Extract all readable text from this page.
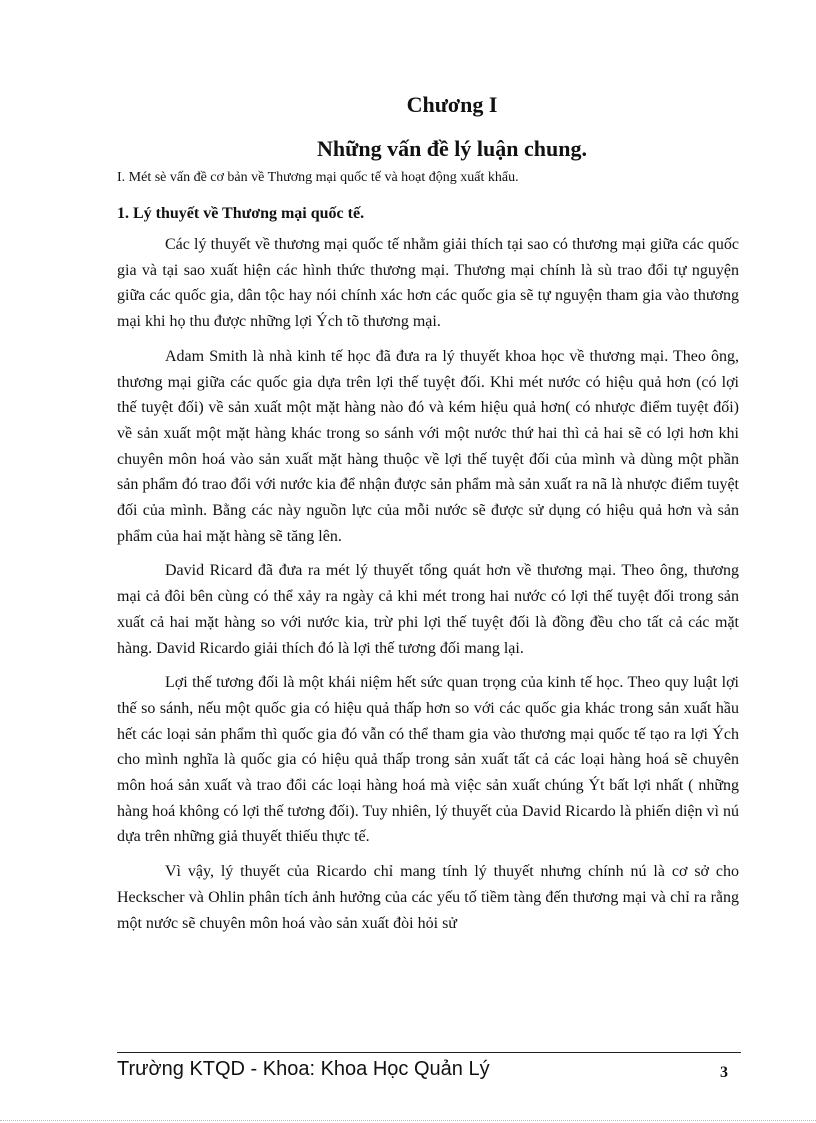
Chương I
Những vấn đề lý luận chung.
I. Mét sè vấn đề cơ bản về Thương mại quốc tế và hoạt động xuất khẩu.
1. Lý thuyết về Thương mại quốc tế.

Các lý thuyết về thương mại quốc tế nhằm giải thích tại sao có thương mại giữa các quốc gia và tại sao xuất hiện các hình thức thương mại. Thương mại chính là sù trao đổi tự nguyện giữa các quốc gia, dân tộc hay nói chính xác hơn các quốc gia sẽ tự nguyện tham gia vào thương mại khi họ thu được những lợi Ých tõ thương mại.

Adam Smith là nhà kinh tế học đã đưa ra lý thuyết khoa học về thương mại. Theo ông, thương mại giữa các quốc gia dựa trên lợi thế tuyệt đối. Khi mét nước có hiệu quả hơn (có lợi thế tuyệt đối) về sản xuất một mặt hàng nào đó và kém hiệu quả hơn( có nhược điểm tuyệt đối) về sản xuất một mặt hàng khác trong so sánh với một nước thứ hai thì cả hai sẽ có lợi hơn khi chuyên môn hoá vào sản xuất mặt hàng thuộc về lợi thế tuyệt đối của mình và dùng một phần sản phẩm đó trao đổi với nước kia để nhận được sản phẩm mà sản xuất ra nã là nhược điểm tuyệt đối của mình. Bằng các này nguồn lực của mỗi nước sẽ được sử dụng có hiệu quả hơn và sản phẩm của hai mặt hàng sẽ tăng lên.

David Ricard đã đưa ra mét lý thuyết tổng quát hơn về thương mại. Theo ông, thương mại cả đôi bên cùng có thể xảy ra ngày cả khi mét trong hai nước có lợi thế tuyệt đối trong sản xuất cả hai mặt hàng so với nước kia, trừ phi lợi thế tuyệt đối là đồng đều cho tất cả các mặt hàng. David Ricardo giải thích đó là lợi thế tương đối mang lại.

Lợi thế tương đối là một khái niệm hết sức quan trọng của kinh tế học. Theo quy luật lợi thế so sánh, nếu một quốc gia có hiệu quả thấp hơn so với các quốc gia khác trong sản xuất hầu hết các loại sản phẩm thì quốc gia đó vẫn có thể tham gia vào thương mại quốc tế tạo ra lợi Ých cho mình nghĩa là quốc gia có hiệu quả thấp trong sản xuất tất cả các loại hàng hoá sẽ chuyên môn hoá sản xuất và trao đổi các loại hàng hoá mà việc sản xuất chúng Ýt bất lợi nhất ( những hàng hoá không có lợi thế tương đối). Tuy nhiên, lý thuyết của David Ricardo là phiến diện vì nú dựa trên những giả thuyết thiếu thực tế.

Vì vậy, lý thuyết của Ricardo chỉ mang tính lý thuyết nhưng chính nú là cơ sở cho Heckscher và Ohlin phân tích ảnh hưởng của các yếu tố tiềm tàng đến thương mại và chỉ ra rằng một nước sẽ chuyên môn hoá vào sản xuất đòi hỏi sử

Trường KTQD - Khoa: Khoa Học Quản Lý	3
